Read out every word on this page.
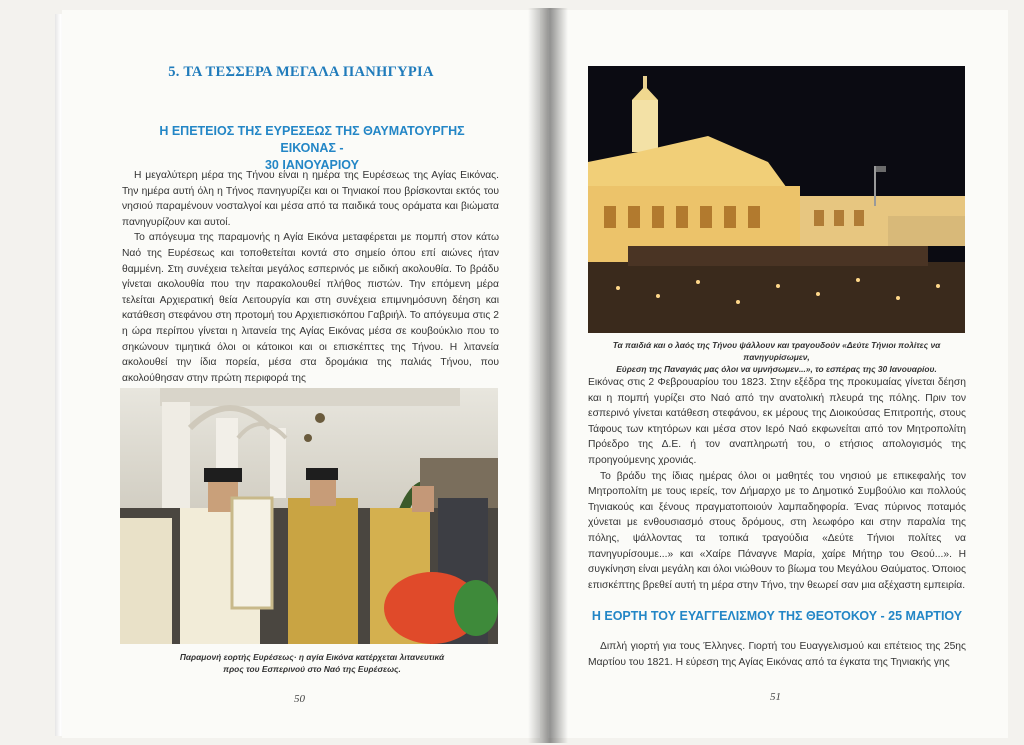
5. ΤΑ ΤΕΣΣΕΡΑ ΜΕΓΑΛΑ ΠΑΝΗΓΥΡΙΑ
Η ΕΠΕΤΕΙΟΣ ΤΗΣ ΕΥΡΕΣΕΩΣ ΤΗΣ ΘΑΥΜΑΤΟΥΡΓΗΣ ΕΙΚΟΝΑΣ -
30 ΙΑΝΟΥΑΡΙΟΥ

Η μεγαλύτερη μέρα της Τήνου είναι η ημέρα της Ευρέσεως της Αγίας Εικόνας. Την ημέρα αυτή όλη η Τήνος πανηγυρίζει και οι Τηνιακοί που βρίσκονται εκτός του νησιού παραμένουν νοσταλγοί και μέσα από τα παιδικά τους οράματα και βιώματα πανηγυρίζουν και αυτοί.

Το απόγευμα της παραμονής η Αγία Εικόνα μεταφέρεται με πομπή στον κάτω Ναό της Ευρέσεως και τοποθετείται κοντά στο σημείο όπου επί αιώνες ήταν θαμμένη. Στη συνέχεια τελείται μεγάλος εσπερινός με ειδική ακολουθία. Το βράδυ γίνεται ακολουθία που την παρακολουθεί πλήθος πιστών. Την επόμενη μέρα τελείται Αρχιερατική θεία Λειτουργία και στη συνέχεια επιμνημόσυνη δέηση και κατάθεση στεφάνου στη προτομή του Αρχιεπισκόπου Γαβριήλ. Το απόγευμα στις 2 η ώρα περίπου γίνεται η λιτανεία της Αγίας Εικόνας μέσα σε κουβούκλιο που το σηκώνουν τιμητικά όλοι οι κάτοικοι και οι επισκέπτες της Τήνου. Η λιτανεία ακολουθεί την ίδια πορεία, μέσα στα δρομάκια της παλιάς Τήνου, που ακολούθησαν στην πρώτη περιφορά της

Παραμονή εορτής Ευρέσεως· η αγία Εικόνα κατέρχεται λιτανευτικά
προς του Εσπερινού στο Ναό της Ευρέσεως.
50
Τα παιδιά και ο λαός της Τήνου ψάλλουν και τραγουδούν «Δεύτε Τήνιοι πολίτες να πανηγυρίσωμεν,
Εύρεση της Παναγιάς μας όλοι να υμνήσωμεν...», το εσπέρας της 30 Ιανουαρίου.

Εικόνας στις 2 Φεβρουαρίου του 1823. Στην εξέδρα της προκυμαίας γίνεται δέηση και η πομπή γυρίζει στο Ναό από την ανατολική πλευρά της πόλης. Πριν τον εσπερινό γίνεται κατάθεση στεφάνου, εκ μέρους της Διοικούσας Επιτροπής, στους Τάφους των κτητόρων και μέσα στον Ιερό Ναό εκφωνείται από τον Μητροπολίτη Πρόεδρο της Δ.Ε. ή τον αναπληρωτή του, ο ετήσιος απολογισμός της προηγούμενης χρονιάς.

Το βράδυ της ίδιας ημέρας όλοι οι μαθητές του νησιού με επικεφαλής τον Μητροπολίτη με τους ιερείς, τον Δήμαρχο με το Δημοτικό Συμβούλιο και πολλούς Τηνιακούς και ξένους πραγματοποιούν λαμπαδηφορία. Ένας πύρινος ποταμός χύνεται με ενθουσιασμό στους δρόμους, στη λεωφόρο και στην παραλία της πόλης, ψάλλοντας τα τοπικά τραγούδια «Δεύτε Τήνιοι πολίτες να πανηγυρίσουμε...» και «Χαίρε Πάναγνε Μαρία, χαίρε Μήτηρ του Θεού...». Η συγκίνηση είναι μεγάλη και όλοι νιώθουν το βίωμα του Μεγάλου Θαύματος. Όποιος επισκέπτης βρεθεί αυτή τη μέρα στην Τήνο, την θεωρεί σαν μια αξέχαστη εμπειρία.

Η ΕΟΡΤΗ ΤΟΥ ΕΥΑΓΓΕΛΙΣΜΟΥ ΤΗΣ ΘΕΟΤΟΚΟΥ - 25 ΜΑΡΤΙΟΥ

Διπλή γιορτή για τους Έλληνες. Γιορτή του Ευαγγελισμού και επέτειος της 25ης Μαρτίου του 1821. Η εύρεση της Αγίας Εικόνας από τα έγκατα της Τηνιακής γης

51
